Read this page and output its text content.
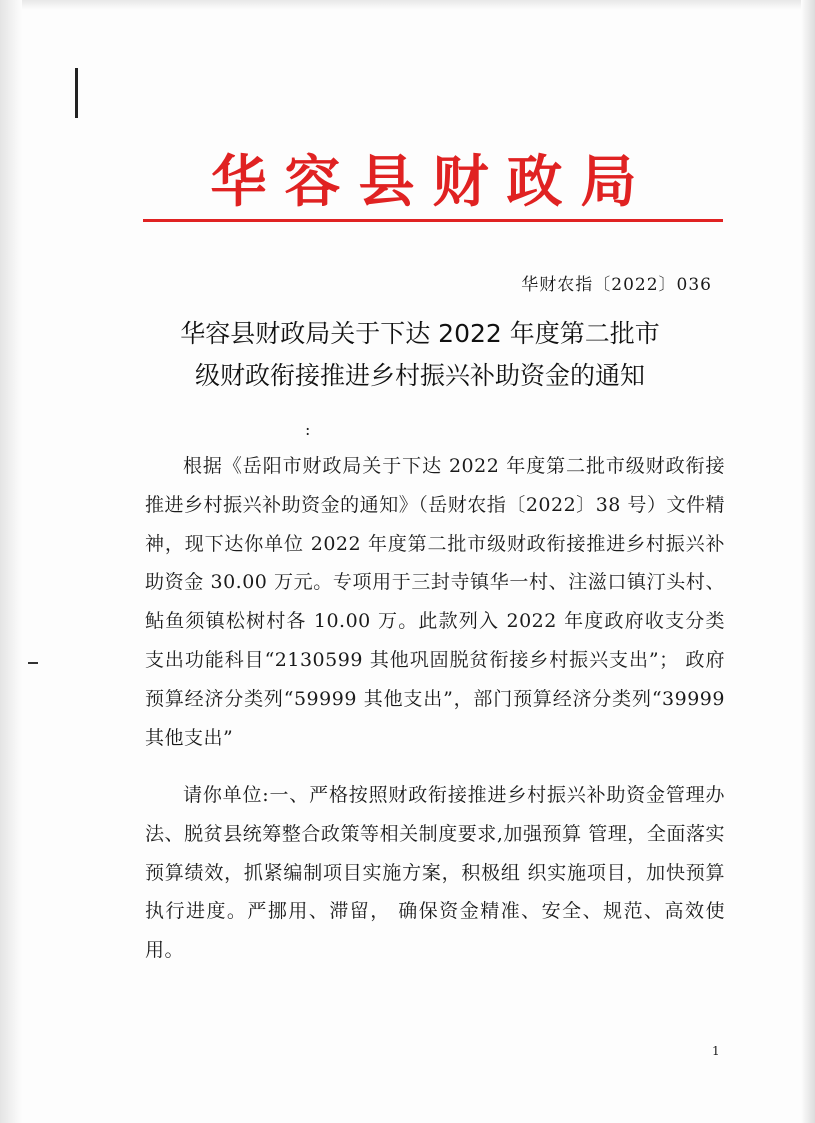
华容县财政局
华财农指〔2022〕036
华容县财政局关于下达 2022 年度第二批市
级财政衔接推进乡村振兴补助资金的通知
:
根据《岳阳市财政局关于下达 2022 年度第二批市级财政衔接推进乡村振兴补助资金的通知》（岳财农指〔2022〕38 号）文件精神，现下达你单位 2022 年度第二批市级财政衔接推进乡村振兴补助资金 30.00 万元。专项用于三封寺镇华一村、注滋口镇汀头村、鲇鱼须镇松树村各 10.00 万。此款列入 2022 年度政府收支分类支出功能科目“2130599 其他巩固脱贫衔接乡村振兴支出”； 政府预算经济分类列“59999 其他支出”，部门预算经济分类列“39999 其他支出”
请你单位:一、严格按照财政衔接推进乡村振兴补助资金管理办法、脱贫县统筹整合政策等相关制度要求,加强预算 管理，全面落实预算绩效，抓紧编制项目实施方案，积极组 织实施项目，加快预算执行进度。严挪用、滞留， 确保资金精准、安全、规范、高效使用。
1
